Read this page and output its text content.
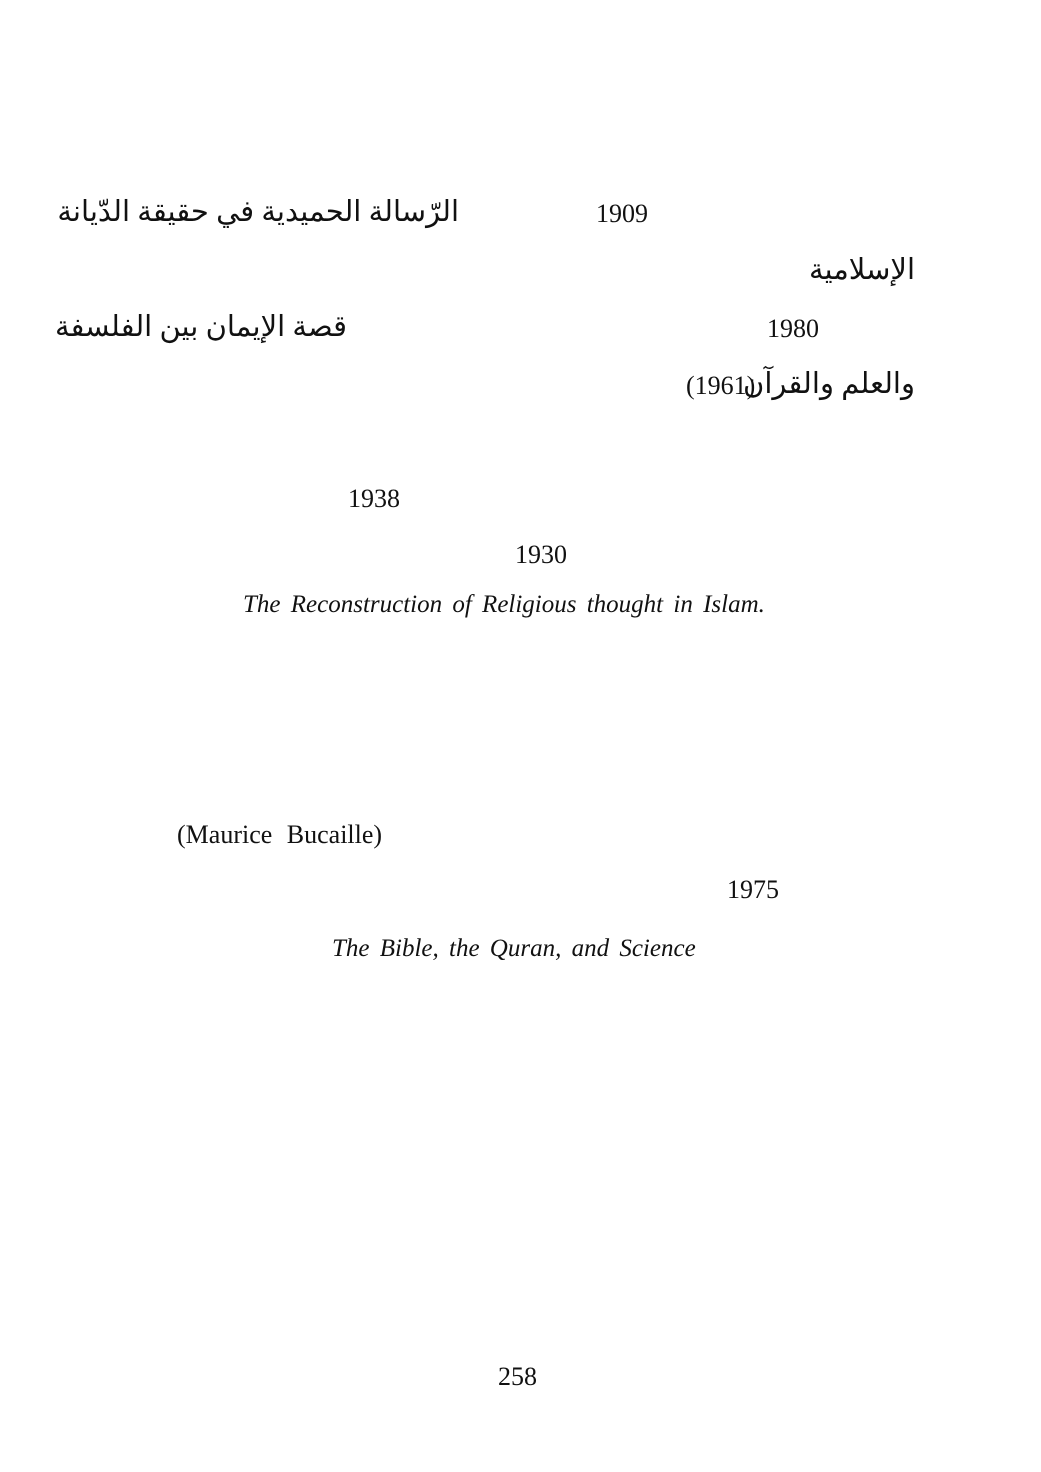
الرّسالة الحميدية في حقيقة الدّيانة	1909
الإسلامية
قصة الإيمان بين الفلسفة	1980
والعلم والقرآن
(1961)
1938
1930
The Reconstruction of Religious thought in Islam.
(Maurice Bucaille)
1975
The Bible, the Quran, and Science
258
